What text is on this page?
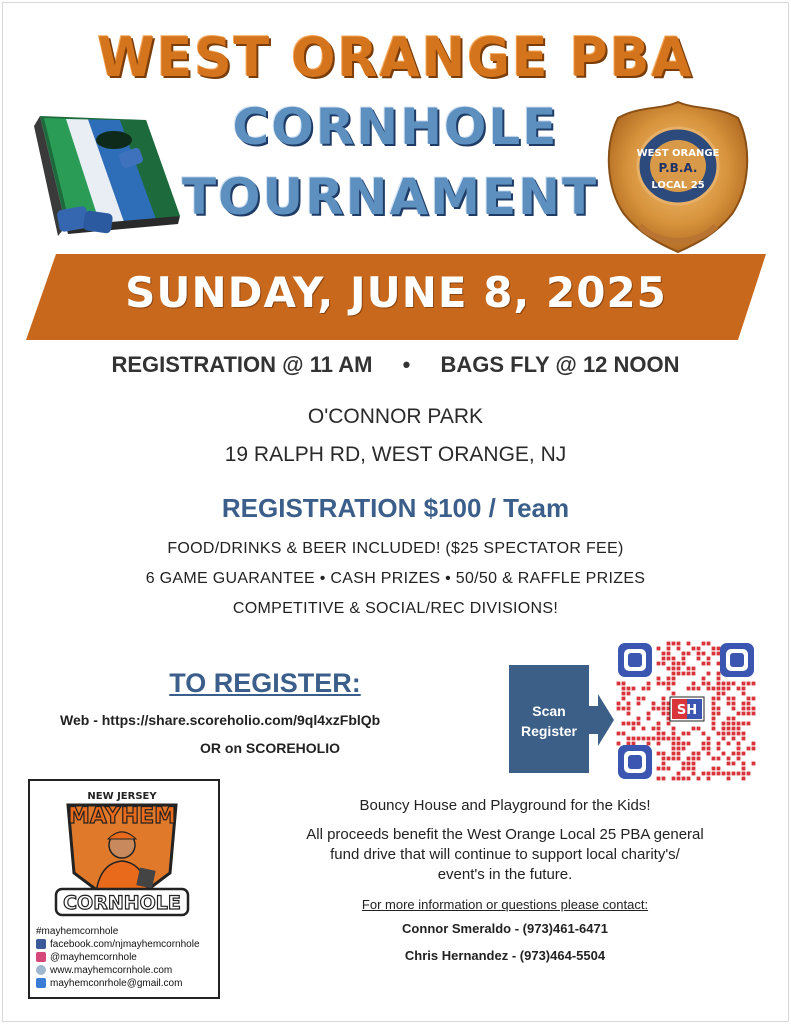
WEST ORANGE
P.B.A.
LOCAL 25
WEST ORANGE PBA
CORNHOLE
TOURNAMENT
SUNDAY, JUNE 8, 2025
REGISTRATION @ 11 AM • BAGS FLY @ 12 NOON
O'CONNOR PARK
19 RALPH RD, WEST ORANGE, NJ
REGISTRATION $100 / Team
FOOD/DRINKS & BEER INCLUDED! ($25 SPECTATOR FEE)
6 GAME GUARANTEE • CASH PRIZES • 50/50 & RAFFLE PRIZES
COMPETITIVE & SOCIAL/REC DIVISIONS!
TO REGISTER:
Web - https://share.scoreholio.com/9ql4xzFblQb
OR on SCOREHOLIO
Scan
Register
SH
NEW JERSEY
MAYHEM
CORNHOLE
#mayhemcornhole
facebook.com/njmayhemcornhole
@mayhemcornhole
www.mayhemcornhole.com
mayhemconrhole@gmail.com
Bouncy House and Playground for the Kids!
All proceeds benefit the West Orange Local 25 PBA general
fund drive that will continue to support local charity's/
event's in the future.
For more information or questions please contact:
Connor Smeraldo - (973)461-6471
Chris Hernandez - (973)464-5504
